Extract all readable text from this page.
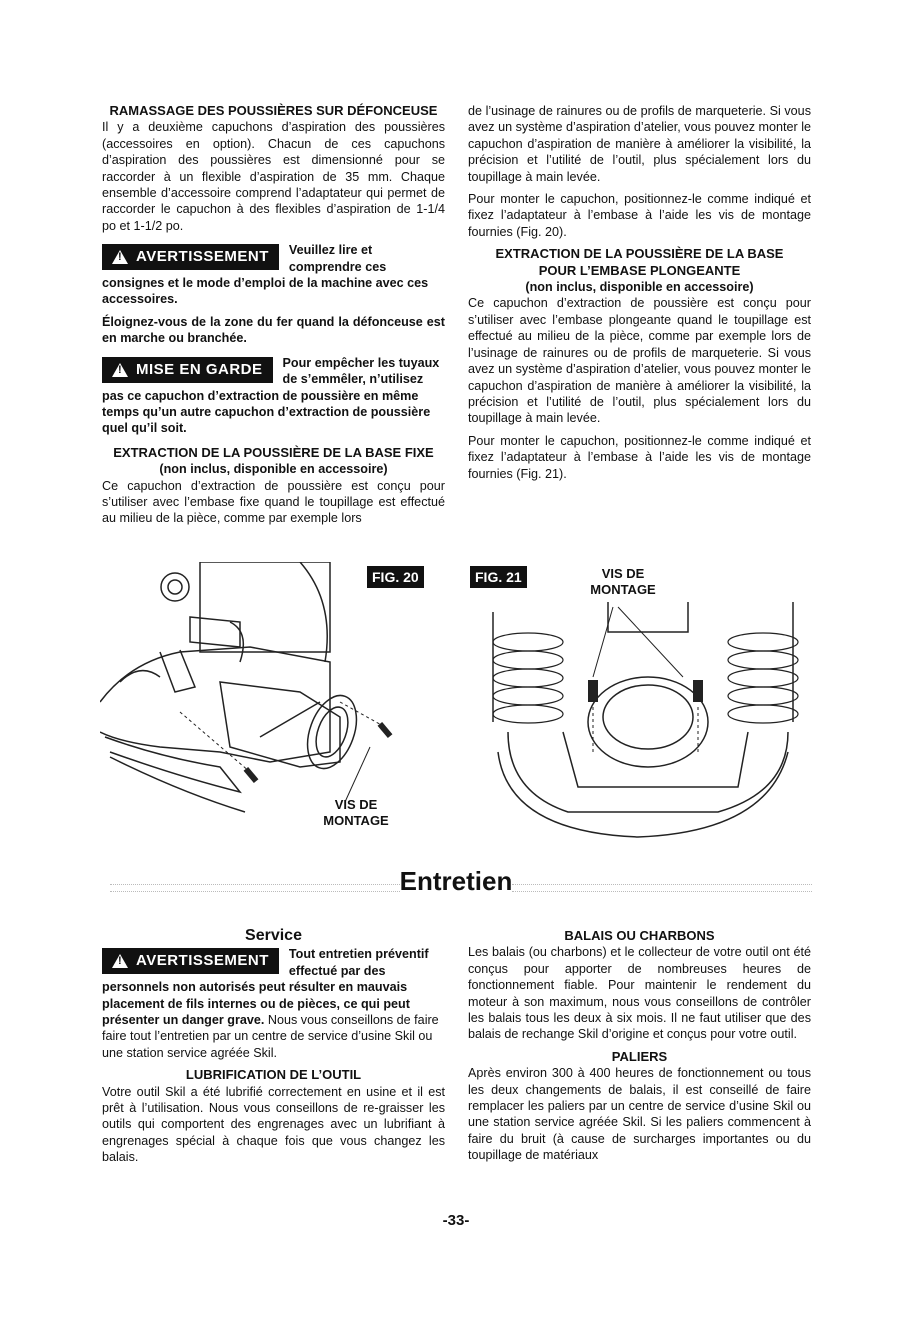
RAMASSAGE DES POUSSIÈRES SUR DÉFONCEUSE

Il y a deuxième capuchons d’aspiration des poussières (accessoires en option). Chacun de ces capuchons d’aspiration des poussières est dimensionné pour se raccorder à un flexible d’aspiration de 35 mm. Chaque ensemble d’accessoire comprend l’adaptateur qui permet de raccorder le capuchon à des flexibles d’aspiration de 1-1/4 po et 1-1/2 po.

!
AVERTISSEMENT Veuillez lire et comprendre ces consignes et le mode d’emploi de la machine avec ces accessoires.

Éloignez-vous de la zone du fer quand la défonceuse est en marche ou branchée.

!
MISE EN GARDE Pour empêcher les tuyaux de s’emmêler, n’utilisez pas ce capuchon d’extraction de poussière en même temps qu’un autre capuchon d’extraction de poussière quel qu’il soit.
EXTRACTION DE LA POUSSIÈRE DE LA BASE FIXE
(non inclus, disponible en accessoire)

Ce capuchon d’extraction de poussière est conçu pour s’utiliser avec l’embase fixe quand le toupillage est effectué au milieu de la pièce, comme par exemple lors

de l’usinage de rainures ou de profils de marqueterie. Si vous avez un système d’aspiration d’atelier, vous pouvez monter le capuchon d’aspiration de manière à améliorer la visibilité, la précision et l’utilité de l’outil, plus spécialement lors du toupillage à main levée.

Pour monter le capuchon, positionnez-le comme indiqué et fixez l’adaptateur à l’embase à l’aide les vis de montage fournies (Fig. 20).

EXTRACTION DE LA POUSSIÈRE DE LA BASE
POUR L’EMBASE PLONGEANTE
(non inclus, disponible en accessoire)

Ce capuchon d’extraction de poussière est conçu pour s’utiliser avec l’embase plongeante quand le toupillage est effectué au milieu de la pièce, comme par exemple lors de l’usinage de rainures ou de profils de marqueterie. Si vous avez un système d’aspiration d’atelier, vous pouvez monter le capuchon d’aspiration de manière à améliorer la visibilité, la précision et l’utilité de l’outil, plus spécialement lors du toupillage à main levée.

Pour monter le capuchon, positionnez-le comme indiqué et fixez l’adaptateur à l’embase à l’aide les vis de montage fournies (Fig. 21).

FIG. 20
VIS DE MONTAGE
FIG. 21	VIS DE MONTAGE
Entretien
Service
!
AVERTISSEMENT Tout entretien préventif effectué par des personnels non autorisés peut résulter en mauvais placement de fils internes ou de pièces, ce qui peut présenter un danger grave. Nous vous conseillons de faire faire tout l’entretien par un centre de service d’usine Skil ou une station service agréée Skil.
LUBRIFICATION DE L’OUTIL

Votre outil Skil a été lubrifié correctement en usine et il est prêt à l’utilisation. Nous vous conseillons de re-graisser les outils qui comportent des engrenages avec un lubrifiant à engrenages spécial à chaque fois que vous changez les balais.

BALAIS OU CHARBONS

Les balais (ou charbons) et le collecteur de votre outil ont été conçus pour apporter de nombreuses heures de fonctionnement fiable. Pour maintenir le rendement du moteur à son maximum, nous vous conseillons de contrôler les balais tous les deux à six mois. Il ne faut utiliser que des balais de rechange Skil d’origine et conçus pour votre outil.

PALIERS

Après environ 300 à 400 heures de fonctionnement ou tous les deux changements de balais, il est conseillé de faire remplacer les paliers par un centre de service d’usine Skil ou une station service agréée Skil. Si les paliers commencent à faire du bruit (à cause de surcharges importantes ou du toupillage de matériaux

-33-
